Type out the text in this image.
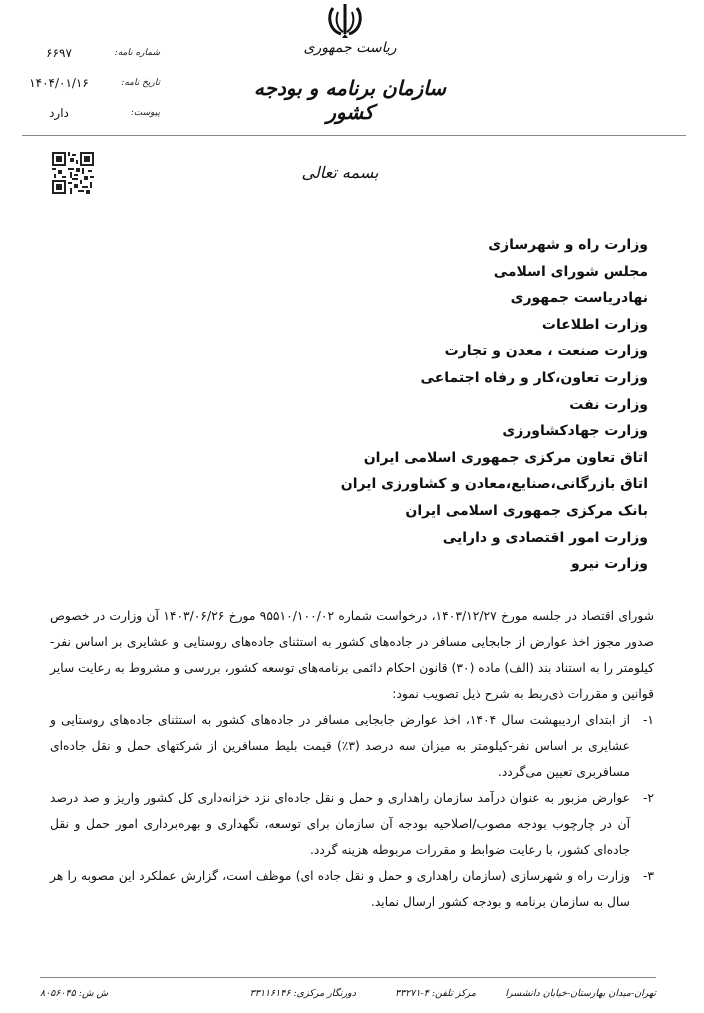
ریاست جمهوری
سازمان برنامه و بودجه کشور
شماره نامه:
۶۶۹۷
تاریخ نامه:
۱۴۰۴/۰۱/۱۶
پیوست:
دارد
بسمه تعالی
وزارت راه و شهرسازی
مجلس شورای اسلامی
نهادریاست جمهوری
وزارت اطلاعات
وزارت صنعت ، معدن و تجارت
وزارت تعاون،کار و رفاه اجتماعی
وزارت نفت
وزارت جهادکشاورزی
اتاق تعاون مرکزی جمهوری اسلامی ایران
اتاق بازرگانی،صنایع،معادن و کشاورزی ایران
بانک مرکزی جمهوری اسلامی ایران
وزارت امور اقتصادی و دارایی
وزارت نیرو
شورای اقتصاد در جلسه مورخ ۱۴۰۳/۱۲/۲۷، درخواست شماره ۹۵۵۱۰/۱۰۰/۰۲ مورخ ۱۴۰۳/۰۶/۲۶ آن وزارت در خصوص صدور مجوز اخذ عوارض از جابجایی مسافر در جاده‌های کشور به استثنای جاده‌های روستایی و عشایری بر اساس نفر-کیلومتر را به استناد بند (الف) ماده (۳۰) قانون احکام دائمی برنامه‌های توسعه کشور، بررسی و مشروط به رعایت سایر قوانین و مقررات ذی‌ربط به شرح ذیل تصویب نمود:
۱-
از ابتدای اردیبهشت سال ۱۴۰۴، اخذ عوارض جابجایی مسافر در جاده‌های کشور به استثنای جاده‌های روستایی و عشایری بر اساس نفر-کیلومتر به میزان سه درصد (۳٪) قیمت بلیط مسافرین از شرکتهای حمل و نقل جاده‌ای مسافربری تعیین می‌گردد.
۲-
عوارض مزبور به عنوان درآمد سازمان راهداری و حمل و نقل جاده‌ای نزد خزانه‌داری کل کشور واریز و صد درصد آن در چارچوب بودجه مصوب/اصلاحیه بودجه آن سازمان برای توسعه، نگهداری و بهره‌برداری امور حمل و نقل جاده‌ای کشور، با رعایت ضوابط و مقررات مربوطه هزینه گردد.
۳-
وزارت راه و شهرسازی (سازمان راهداری و حمل و نقل جاده ای) موظف است، گزارش عملکرد این مصوبه را هر سال به سازمان برنامه و بودجه کشور ارسال نماید.
تهران-میدان بهارستان-خیابان دانشسرا
مرکز تلفن: ۴-۳۳۲۷۱
دورنگار مرکزی: ۳۳۱۱۶۱۴۶
ش ش: ۸۰۵۶۰۴۵
